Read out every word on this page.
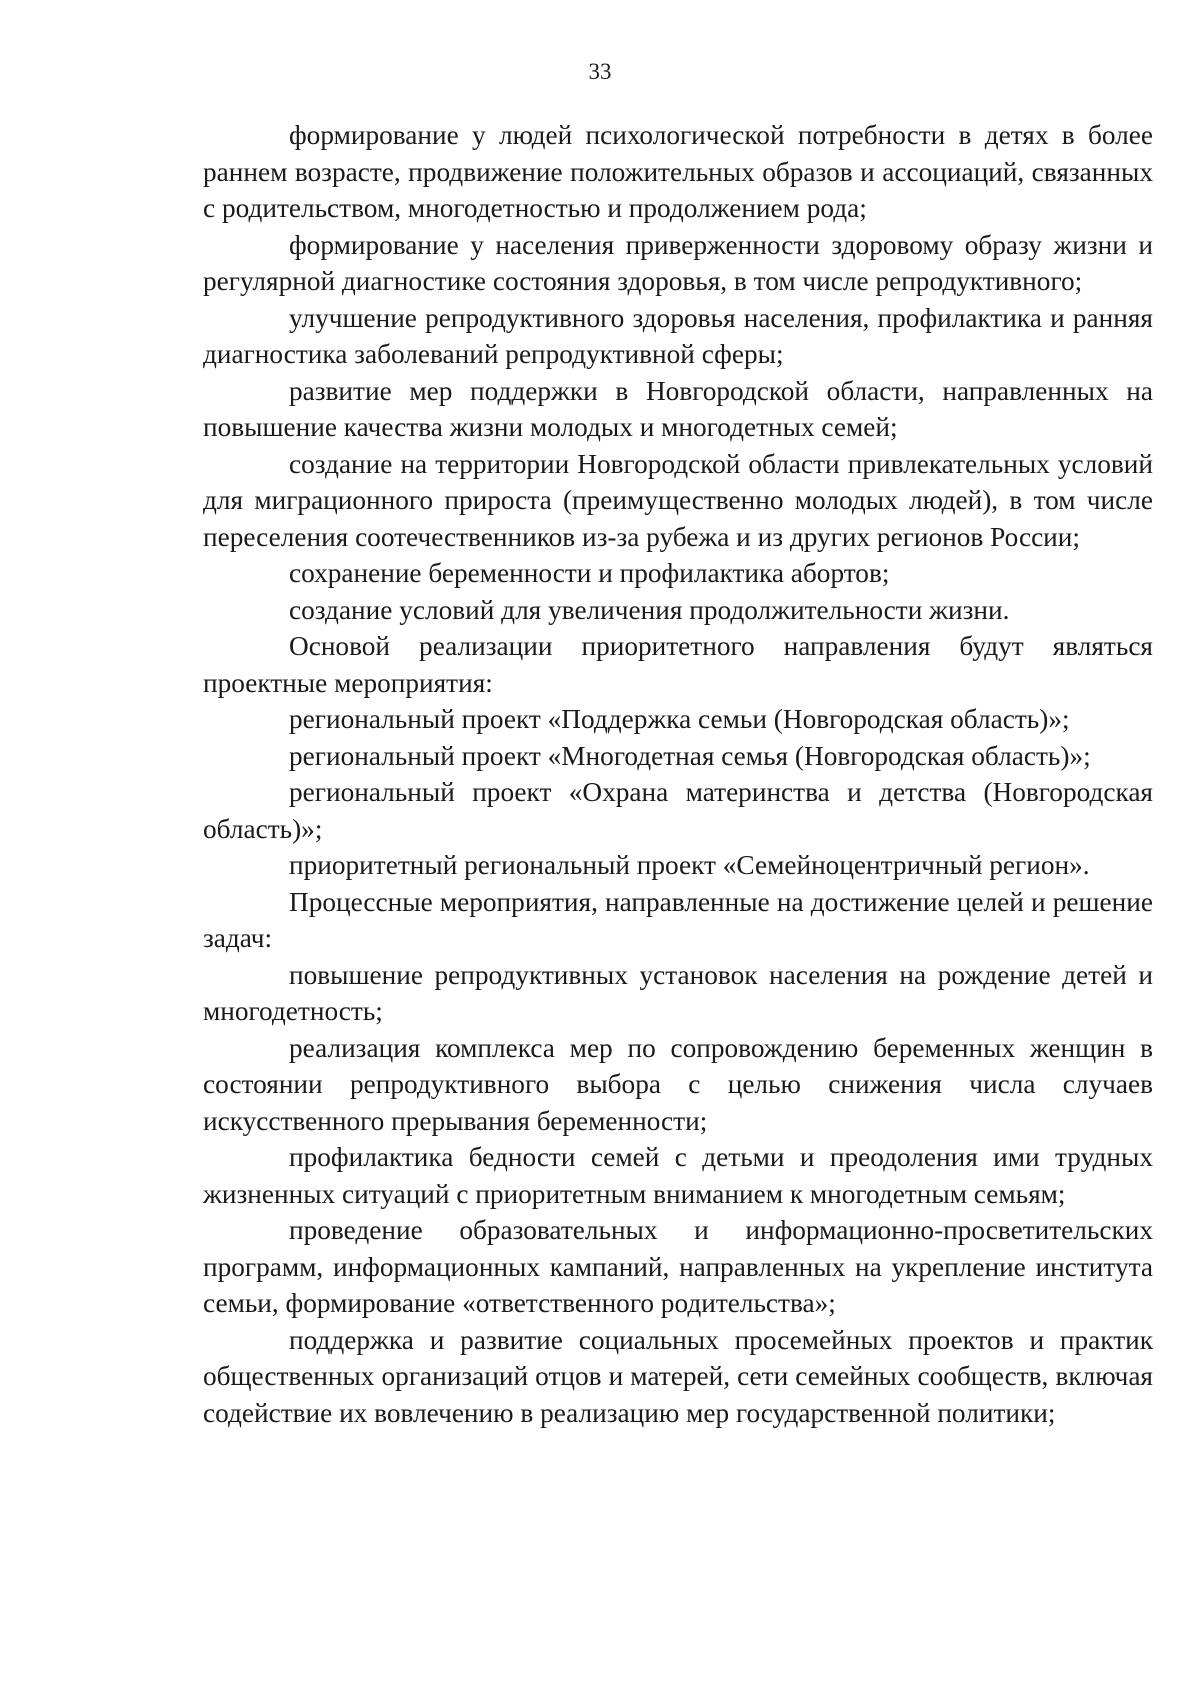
33

формирование у людей психологической потребности в детях в более раннем возрасте, продвижение положительных образов и ассоциаций, связанных с родительством, многодетностью и продолжением рода;

формирование у населения приверженности здоровому образу жизни и регулярной диагностике состояния здоровья, в том числе репродуктивного;

улучшение репродуктивного здоровья населения, профилактика и ранняя диагностика заболеваний репродуктивной сферы;

развитие мер поддержки в Новгородской области, направленных на повышение качества жизни молодых и многодетных семей;

создание на территории Новгородской области привлекательных условий для миграционного прироста (преимущественно молодых людей), в том числе переселения соотечественников из-за рубежа и из других регионов России;

сохранение беременности и профилактика абортов;

создание условий для увеличения продолжительности жизни.

Основой реализации приоритетного направления будут являться проектные мероприятия:

региональный проект «Поддержка семьи (Новгородская область)»;

региональный проект «Многодетная семья (Новгородская область)»;

региональный проект «Охрана материнства и детства (Новгородская область)»;

приоритетный региональный проект «Семейноцентричный регион».

Процессные мероприятия, направленные на достижение целей и решение задач:

повышение репродуктивных установок населения на рождение детей и многодетность;

реализация комплекса мер по сопровождению беременных женщин в состоянии репродуктивного выбора с целью снижения числа случаев искусственного прерывания беременности;

профилактика бедности семей с детьми и преодоления ими трудных жизненных ситуаций с приоритетным вниманием к многодетным семьям;

проведение образовательных и информационно-просветительских программ, информационных кампаний, направленных на укрепление института семьи, формирование «ответственного родительства»;

поддержка и развитие социальных просемейных проектов и практик общественных организаций отцов и матерей, сети семейных сообществ, включая содействие их вовлечению в реализацию мер государственной политики;
